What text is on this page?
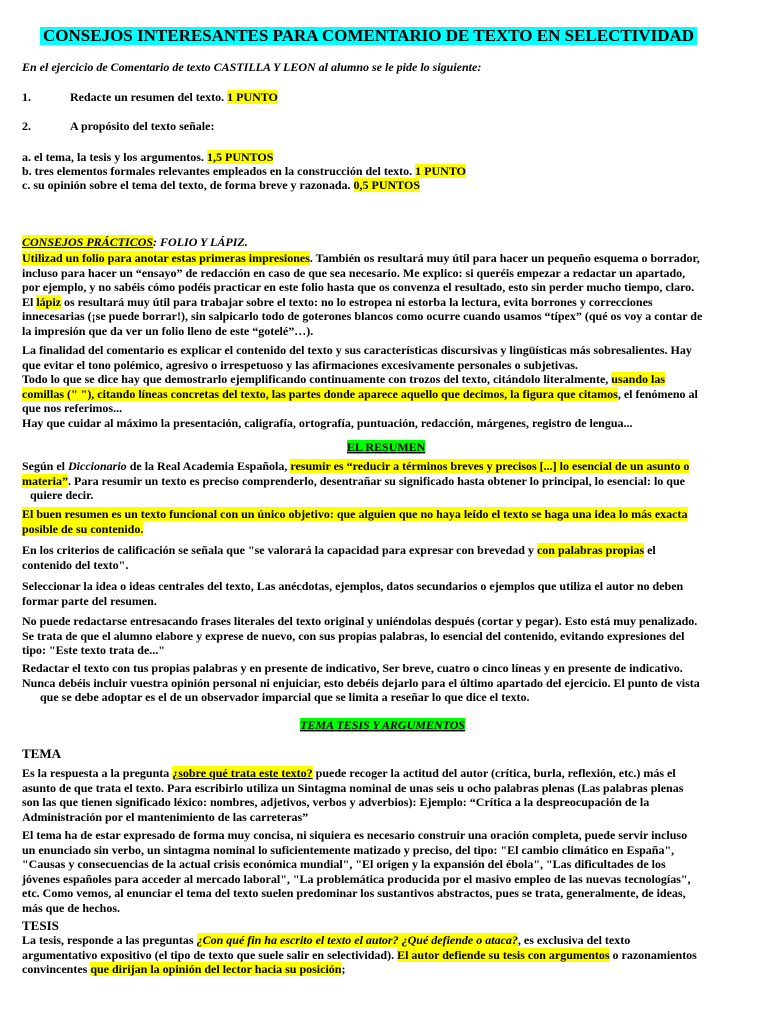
CONSEJOS INTERESANTES PARA COMENTARIO DE TEXTO EN SELECTIVIDAD
En el ejercicio de Comentario de texto CASTILLA Y LEON al alumno se le pide lo siguiente:
1.	Redacte un resumen del texto. 1 PUNTO
2.	A propósito del texto señale:
a. el tema, la tesis y los argumentos. 1,5 PUNTOS
b. tres elementos formales relevantes empleados en la construcción del texto. 1 PUNTO
c. su opinión sobre el tema del texto, de forma breve y razonada. 0,5 PUNTOS
CONSEJOS PRÁCTICOS: FOLIO Y LÁPIZ.
Utilizad un folio para anotar estas primeras impresiones. También os resultará muy útil para hacer un pequeño esquema o borrador,
incluso para hacer un “ensayo” de redacción en caso de que sea necesario. Me explico: si queréis empezar a redactar un apartado,
por ejemplo, y no sabéis cómo podéis practicar en este folio hasta que os convenza el resultado, esto sin perder mucho tiempo, claro.
El lápiz os resultará muy útil para trabajar sobre el texto: no lo estropea ni estorba la lectura, evita borrones y correcciones
innecesarias (¡se puede borrar!), sin salpicarlo todo de goterones blancos como ocurre cuando usamos “típex” (qué os voy a contar de
la impresión que da ver un folio lleno de este “gotelé”…).
La finalidad del comentario es explicar el contenido del texto y sus características discursivas y lingüísticas más sobresalientes. Hay
que evitar el tono polémico, agresivo o irrespetuoso y las afirmaciones excesivamente personales o subjetivas.
Todo lo que se dice hay que demostrarlo ejemplificando continuamente con trozos del texto, citándolo literalmente, usando las
comillas (" "), citando líneas concretas del texto, las partes donde aparece aquello que decimos, la figura que citamos, el fenómeno al
que nos referimos...
Hay que cuidar al máximo la presentación, caligrafía, ortografía, puntuación, redacción, márgenes, registro de lengua...
EL RESUMEN
Según el Diccionario de la Real Academia Española, resumir es “reducir a términos breves y precisos [...] lo esencial de un asunto o
materia”. Para resumir un texto es preciso comprenderlo, desentrañar su significado hasta obtener lo principal, lo esencial: lo que
quiere decir.
El buen resumen es un texto funcional con un único objetivo: que alguien que no haya leído el texto se haga una idea lo más exacta
posible de su contenido.
En los criterios de calificación se señala que "se valorará la capacidad para expresar con brevedad y con palabras propias el
contenido del texto".
Seleccionar la idea o ideas centrales del texto, Las anécdotas, ejemplos, datos secundarios o ejemplos que utiliza el autor no deben
formar parte del resumen.
No puede redactarse entresacando frases literales del texto original y uniéndolas después (cortar y pegar). Esto está muy penalizado.
Se trata de que el alumno elabore y exprese de nuevo, con sus propias palabras, lo esencial del contenido, evitando expresiones del
tipo: "Este texto trata de..."
Redactar el texto con tus propias palabras y en presente de indicativo, Ser breve, cuatro o cinco líneas y en presente de indicativo.
Nunca debéis incluir vuestra opinión personal ni enjuiciar, esto debéis dejarlo para el último apartado del ejercicio. El punto de vista
que se debe adoptar es el de un observador imparcial que se limita a reseñar lo que dice el texto.
TEMA TESIS Y ARGUMENTOS
TEMA
Es la respuesta a la pregunta ¿sobre qué trata este texto? puede recoger la actitud del autor (crítica, burla, reflexión, etc.) más el
asunto de que trata el texto. Para escribirlo utiliza un Sintagma nominal de unas seis u ocho palabras plenas (Las palabras plenas
son las que tienen significado léxico: nombres, adjetivos, verbos y adverbios): Ejemplo: “Crítica a la despreocupación de la
Administración por el mantenimiento de las carreteras”
El tema ha de estar expresado de forma muy concisa, ni siquiera es necesario construir una oración completa, puede servir incluso
un enunciado sin verbo, un sintagma nominal lo suficientemente matizado y preciso, del tipo: "El cambio climático en España",
"Causas y consecuencias de la actual crisis económica mundial", "El origen y la expansión del ébola", "Las dificultades de los
jóvenes españoles para acceder al mercado laboral", "La problemática producida por el masivo empleo de las nuevas tecnologías",
etc. Como vemos, al enunciar el tema del texto suelen predominar los sustantivos abstractos, pues se trata, generalmente, de ideas,
más que de hechos.
TESIS
La tesis, responde a las preguntas ¿Con qué fin ha escrito el texto el autor? ¿Qué defiende o ataca?, es exclusiva del texto
argumentativo expositivo (el tipo de texto que suele salir en selectividad). El autor defiende su tesis con argumentos o razonamientos
convincentes que dirijan la opinión del lector hacia su posición;
